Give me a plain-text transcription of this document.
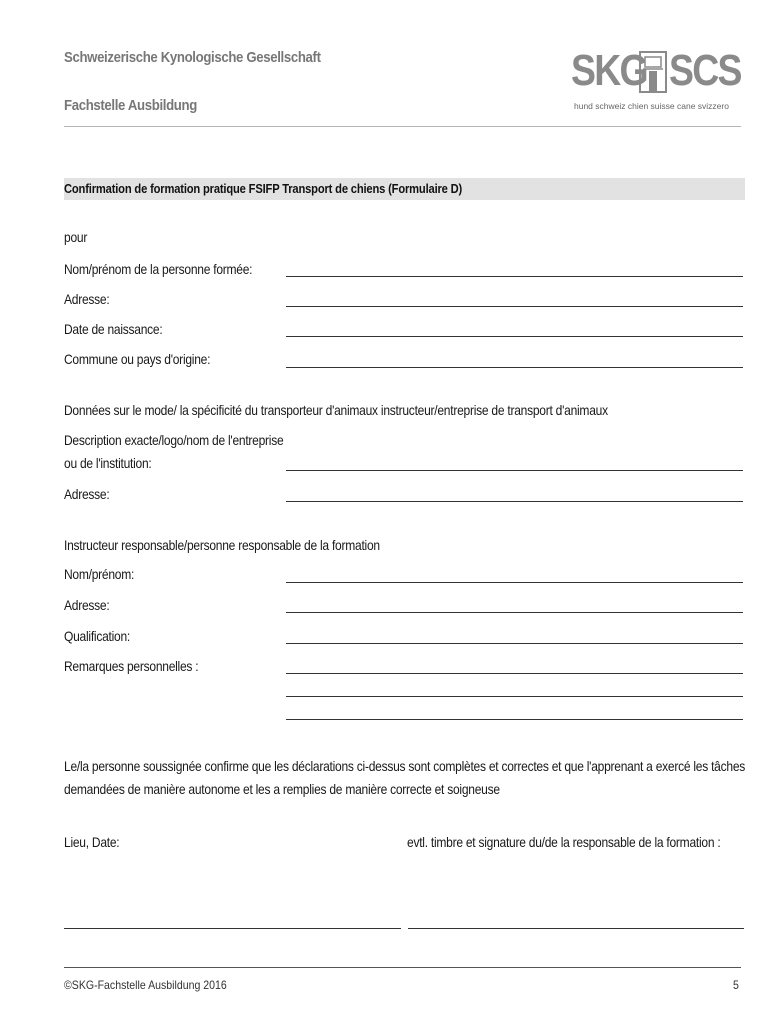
Schweizerische Kynologische Gesellschaft
Fachstelle Ausbildung
SKG SCS
hund schweiz chien suisse cane svizzero
Confirmation de formation pratique FSIFP Transport de chiens (Formulaire D)
pour
Nom/prénom de la personne formée:
Adresse:
Date de naissance:
Commune ou pays d'origine:
Données sur le mode/ la spécificité du transporteur d'animaux instructeur/entreprise de transport d'animaux
Description exacte/logo/nom de l'entreprise
ou de l'institution:
Adresse:
Instructeur responsable/personne responsable de la formation
Nom/prénom:
Adresse:
Qualification:
Remarques personnelles :
Le/la personne soussignée confirme que les déclarations ci-dessus sont complètes et correctes et que l'apprenant a exercé les tâches
demandées de manière autonome et les a remplies de manière correcte et soigneuse
Lieu, Date:	evtl. timbre et signature du/de la responsable de la formation :
©SKG-Fachstelle Ausbildung 2016	5
